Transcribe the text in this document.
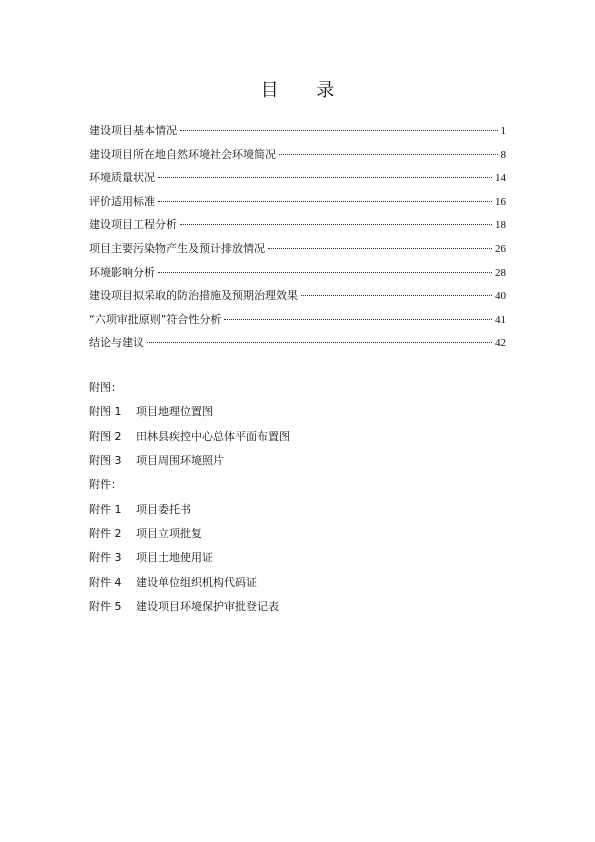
目 录
建设项目基本情况	1
建设项目所在地自然环境社会环境简况	8
环境质量状况	14
评价适用标准	16
建设项目工程分析	18
项目主要污染物产生及预计排放情况	26
环境影响分析	28
建设项目拟采取的防治措施及预期治理效果	40
“六项审批原则”符合性分析	41
结论与建议	42
附图：
附图 1	项目地理位置图
附图 2	田林县疾控中心总体平面布置图
附图 3	项目周围环境照片
附件：
附件 1	项目委托书
附件 2	项目立项批复
附件 3	项目土地使用证
附件 4	建设单位组织机构代码证
附件 5	建设项目环境保护审批登记表
